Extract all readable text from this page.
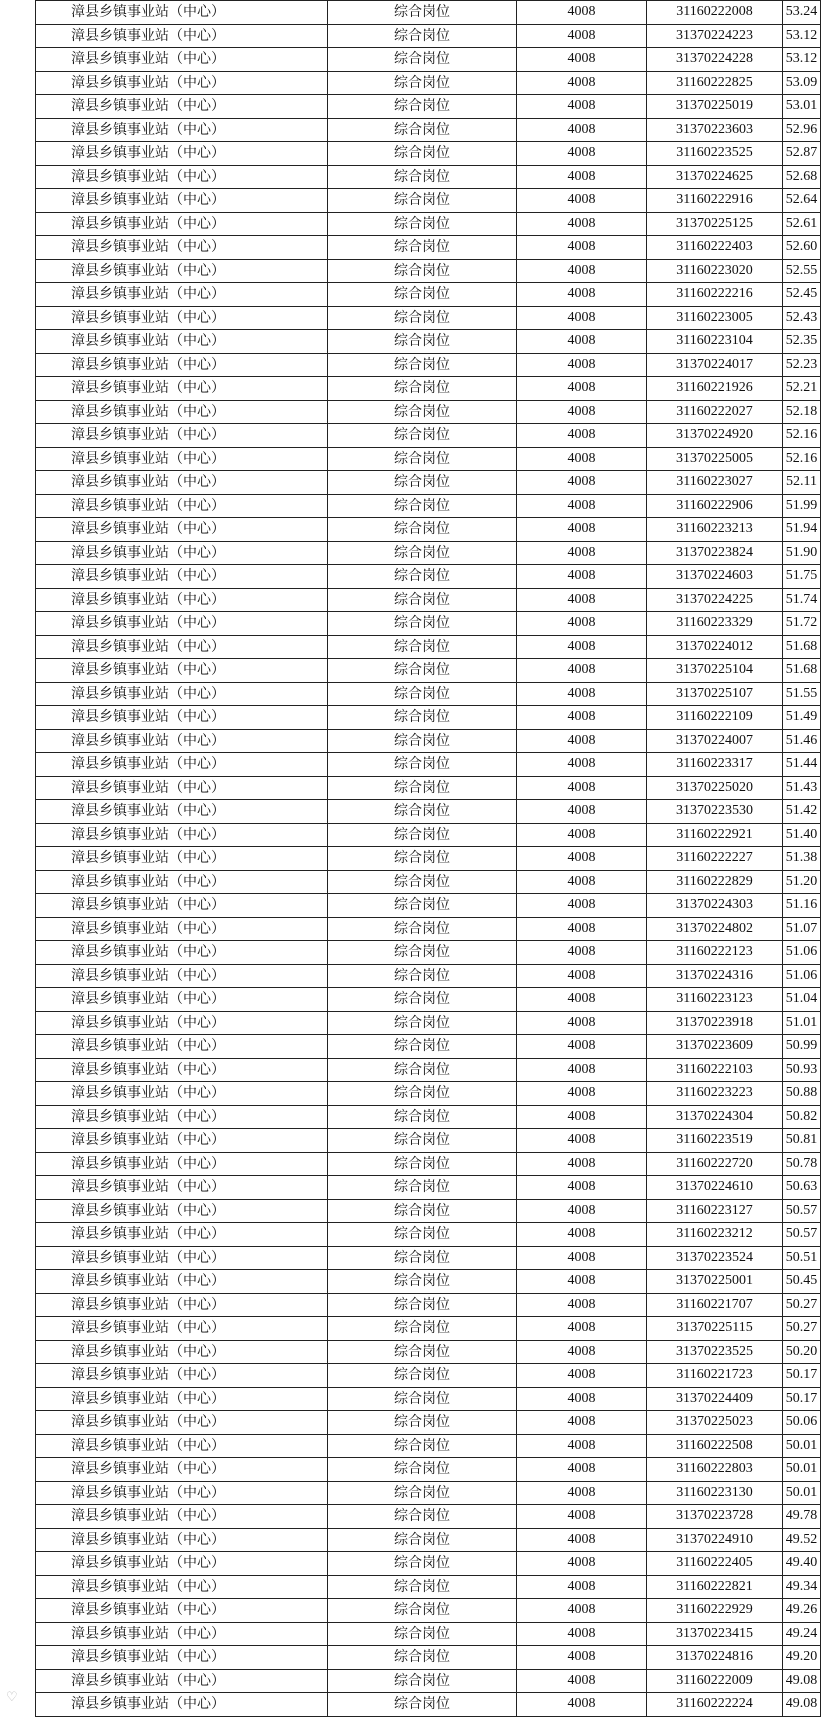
漳县乡镇事业站（中心）	综合岗位	4008	31160222008	53.24
漳县乡镇事业站（中心）	综合岗位	4008	31370224223	53.12
漳县乡镇事业站（中心）	综合岗位	4008	31370224228	53.12
漳县乡镇事业站（中心）	综合岗位	4008	31160222825	53.09
漳县乡镇事业站（中心）	综合岗位	4008	31370225019	53.01
漳县乡镇事业站（中心）	综合岗位	4008	31370223603	52.96
漳县乡镇事业站（中心）	综合岗位	4008	31160223525	52.87
漳县乡镇事业站（中心）	综合岗位	4008	31370224625	52.68
漳县乡镇事业站（中心）	综合岗位	4008	31160222916	52.64
漳县乡镇事业站（中心）	综合岗位	4008	31370225125	52.61
漳县乡镇事业站（中心）	综合岗位	4008	31160222403	52.60
漳县乡镇事业站（中心）	综合岗位	4008	31160223020	52.55
漳县乡镇事业站（中心）	综合岗位	4008	31160222216	52.45
漳县乡镇事业站（中心）	综合岗位	4008	31160223005	52.43
漳县乡镇事业站（中心）	综合岗位	4008	31160223104	52.35
漳县乡镇事业站（中心）	综合岗位	4008	31370224017	52.23
漳县乡镇事业站（中心）	综合岗位	4008	31160221926	52.21
漳县乡镇事业站（中心）	综合岗位	4008	31160222027	52.18
漳县乡镇事业站（中心）	综合岗位	4008	31370224920	52.16
漳县乡镇事业站（中心）	综合岗位	4008	31370225005	52.16
漳县乡镇事业站（中心）	综合岗位	4008	31160223027	52.11
漳县乡镇事业站（中心）	综合岗位	4008	31160222906	51.99
漳县乡镇事业站（中心）	综合岗位	4008	31160223213	51.94
漳县乡镇事业站（中心）	综合岗位	4008	31370223824	51.90
漳县乡镇事业站（中心）	综合岗位	4008	31370224603	51.75
漳县乡镇事业站（中心）	综合岗位	4008	31370224225	51.74
漳县乡镇事业站（中心）	综合岗位	4008	31160223329	51.72
漳县乡镇事业站（中心）	综合岗位	4008	31370224012	51.68
漳县乡镇事业站（中心）	综合岗位	4008	31370225104	51.68
漳县乡镇事业站（中心）	综合岗位	4008	31370225107	51.55
漳县乡镇事业站（中心）	综合岗位	4008	31160222109	51.49
漳县乡镇事业站（中心）	综合岗位	4008	31370224007	51.46
漳县乡镇事业站（中心）	综合岗位	4008	31160223317	51.44
漳县乡镇事业站（中心）	综合岗位	4008	31370225020	51.43
漳县乡镇事业站（中心）	综合岗位	4008	31370223530	51.42
漳县乡镇事业站（中心）	综合岗位	4008	31160222921	51.40
漳县乡镇事业站（中心）	综合岗位	4008	31160222227	51.38
漳县乡镇事业站（中心）	综合岗位	4008	31160222829	51.20
漳县乡镇事业站（中心）	综合岗位	4008	31370224303	51.16
漳县乡镇事业站（中心）	综合岗位	4008	31370224802	51.07
漳县乡镇事业站（中心）	综合岗位	4008	31160222123	51.06
漳县乡镇事业站（中心）	综合岗位	4008	31370224316	51.06
漳县乡镇事业站（中心）	综合岗位	4008	31160223123	51.04
漳县乡镇事业站（中心）	综合岗位	4008	31370223918	51.01
漳县乡镇事业站（中心）	综合岗位	4008	31370223609	50.99
漳县乡镇事业站（中心）	综合岗位	4008	31160222103	50.93
漳县乡镇事业站（中心）	综合岗位	4008	31160223223	50.88
漳县乡镇事业站（中心）	综合岗位	4008	31370224304	50.82
漳县乡镇事业站（中心）	综合岗位	4008	31160223519	50.81
漳县乡镇事业站（中心）	综合岗位	4008	31160222720	50.78
漳县乡镇事业站（中心）	综合岗位	4008	31370224610	50.63
漳县乡镇事业站（中心）	综合岗位	4008	31160223127	50.57
漳县乡镇事业站（中心）	综合岗位	4008	31160223212	50.57
漳县乡镇事业站（中心）	综合岗位	4008	31370223524	50.51
漳县乡镇事业站（中心）	综合岗位	4008	31370225001	50.45
漳县乡镇事业站（中心）	综合岗位	4008	31160221707	50.27
漳县乡镇事业站（中心）	综合岗位	4008	31370225115	50.27
漳县乡镇事业站（中心）	综合岗位	4008	31370223525	50.20
漳县乡镇事业站（中心）	综合岗位	4008	31160221723	50.17
漳县乡镇事业站（中心）	综合岗位	4008	31370224409	50.17
漳县乡镇事业站（中心）	综合岗位	4008	31370225023	50.06
漳县乡镇事业站（中心）	综合岗位	4008	31160222508	50.01
漳县乡镇事业站（中心）	综合岗位	4008	31160222803	50.01
漳县乡镇事业站（中心）	综合岗位	4008	31160223130	50.01
漳县乡镇事业站（中心）	综合岗位	4008	31370223728	49.78
漳县乡镇事业站（中心）	综合岗位	4008	31370224910	49.52
漳县乡镇事业站（中心）	综合岗位	4008	31160222405	49.40
漳县乡镇事业站（中心）	综合岗位	4008	31160222821	49.34
漳县乡镇事业站（中心）	综合岗位	4008	31160222929	49.26
漳县乡镇事业站（中心）	综合岗位	4008	31370223415	49.24
漳县乡镇事业站（中心）	综合岗位	4008	31370224816	49.20
漳县乡镇事业站（中心）	综合岗位	4008	31160222009	49.08
漳县乡镇事业站（中心）	综合岗位	4008	31160222224	49.08
♡
